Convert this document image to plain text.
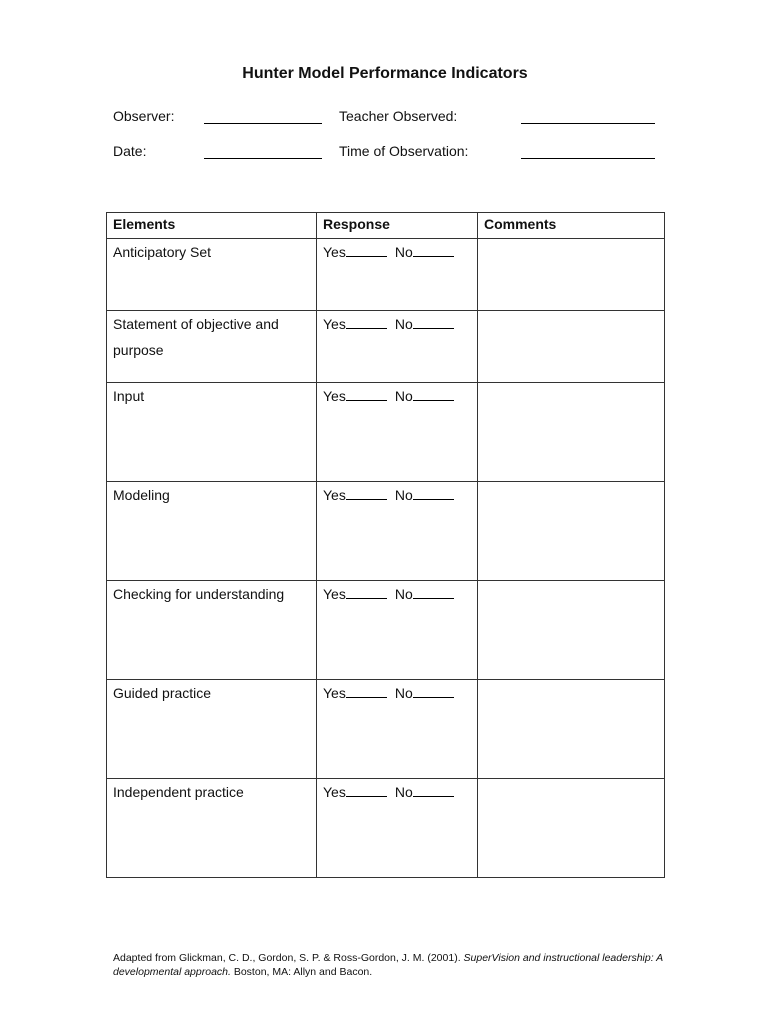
Hunter Model Performance Indicators
Observer:	Teacher Observed:
Date:	Time of Observation:
Elements	Response	Comments
Anticipatory Set	Yes No	
Statement of objective and purpose	Yes No	
Input	Yes No	
Modeling	Yes No	
Checking for understanding	Yes No	
Guided practice	Yes No	
Independent practice	Yes No	
Adapted from Glickman, C. D., Gordon, S. P. & Ross-Gordon, J. M. (2001). SuperVision and instructional leadership: A developmental approach. Boston, MA: Allyn and Bacon.
